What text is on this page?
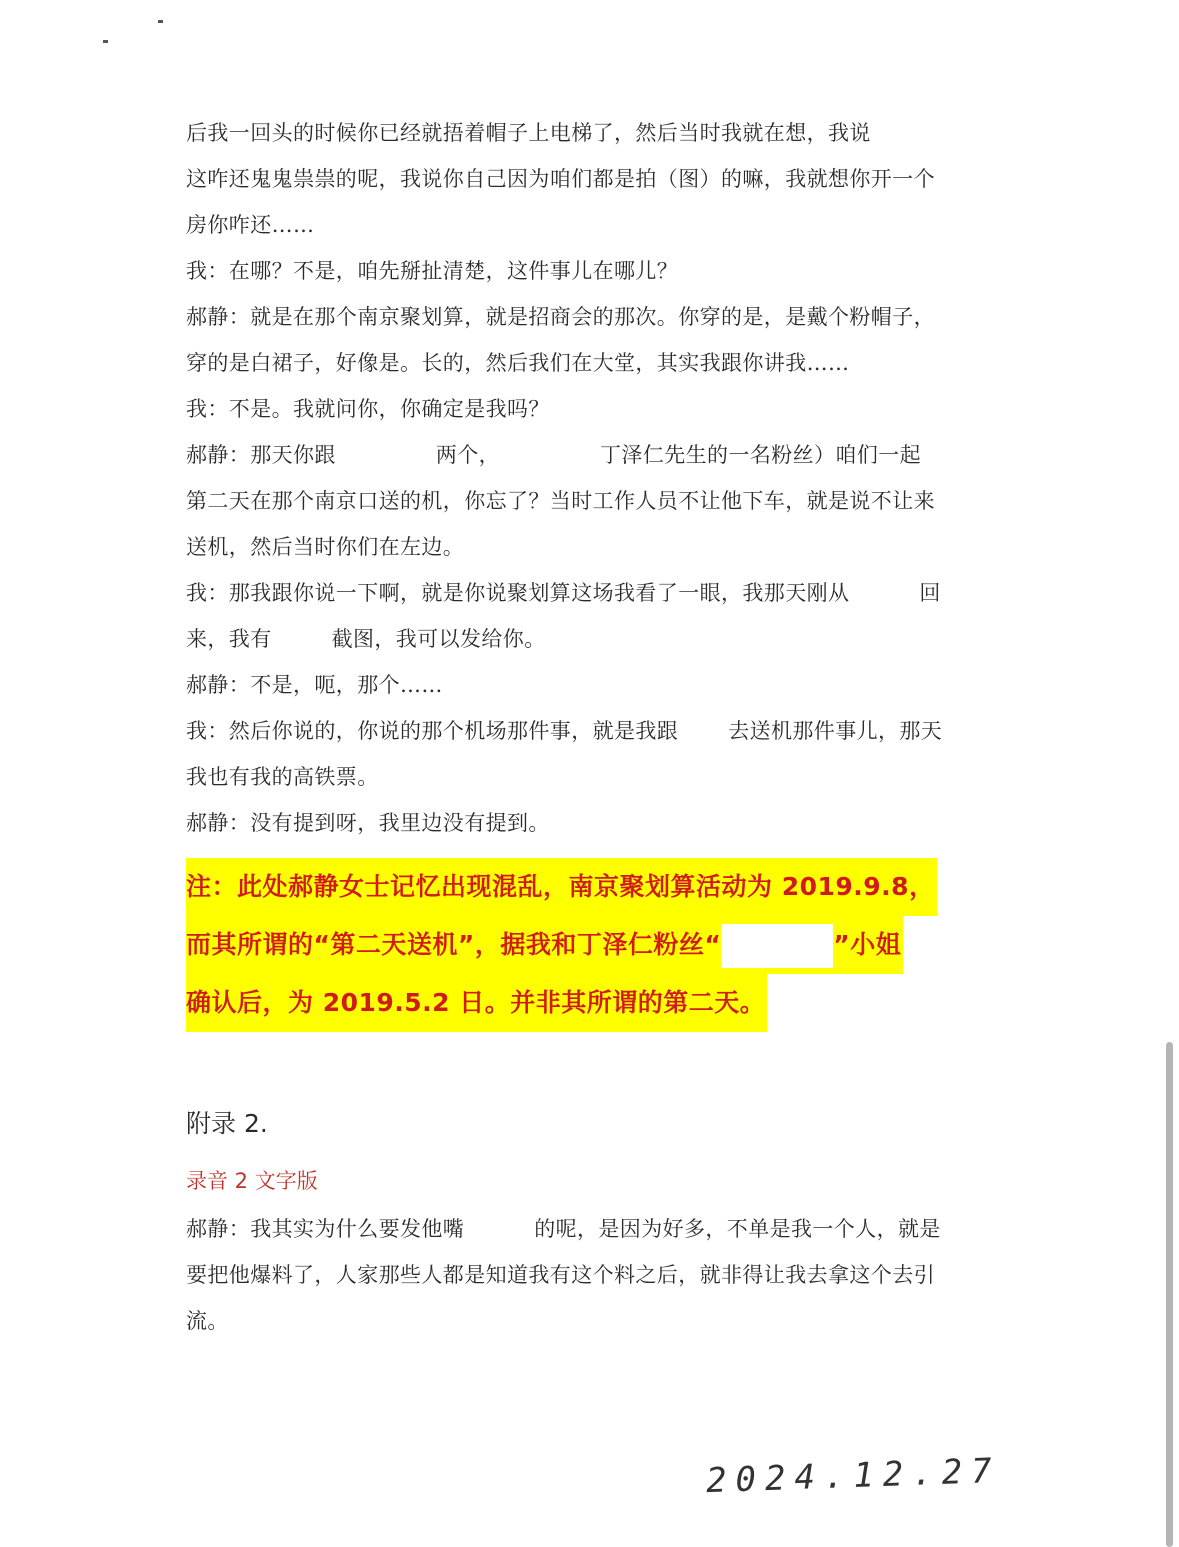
后我一回头的时候你已经就捂着帽子上电梯了，然后当时我就在想，我说

这咋还鬼鬼祟祟的呢，我说你自己因为咱们都是拍（图）的嘛，我就想你开一个

房你咋还……

我：在哪？不是，咱先掰扯清楚，这件事儿在哪儿？

郝静：就是在那个南京聚划算，就是招商会的那次。你穿的是，是戴个粉帽子，

穿的是白裙子，好像是。长的，然后我们在大堂，其实我跟你讲我……

我：不是。我就问你，你确定是我吗？

郝静：那天你跟	两个，	丁泽仁先生的一名粉丝）咱们一起

第二天在那个南京口送的机，你忘了？当时工作人员不让他下车，就是说不让来

送机，然后当时你们在左边。

我：那我跟你说一下啊，就是你说聚划算这场我看了一眼，我那天刚从	回

来，我有	截图，我可以发给你。

郝静：不是，呃，那个……

我：然后你说的，你说的那个机场那件事，就是我跟 去送机那件事儿，那天

我也有我的高铁票。

郝静：没有提到呀，我里边没有提到。

注：此处郝静女士记忆出现混乱，南京聚划算活动为 2019.9.8，
而其所谓的“第二天送机”，据我和丁泽仁粉丝“	”小姐
确认后，为 2019.5.2 日。并非其所谓的第二天。
附录 2.
录音 2 文字版

郝静：我其实为什么要发他嘴	的呢，是因为好多，不单是我一个人，就是

要把他爆料了，人家那些人都是知道我有这个料之后，就非得让我去拿这个去引

流。

2024.12.27
